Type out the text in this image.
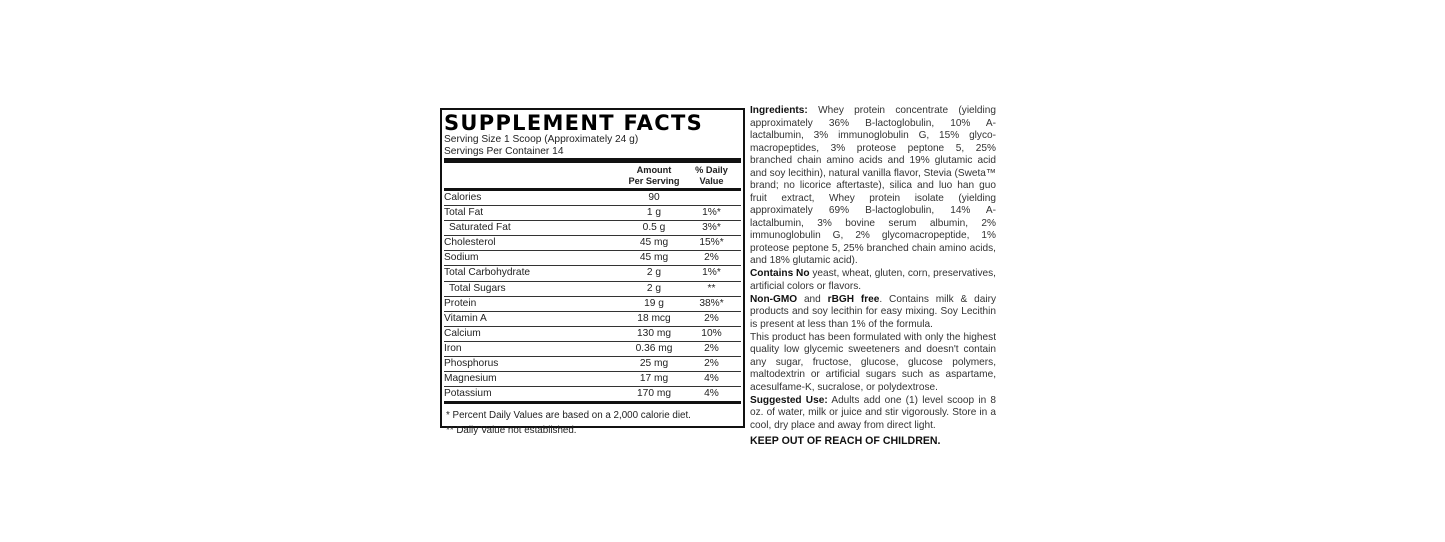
SUPPLEMENT FACTS
Serving Size 1 Scoop (Approximately 24 g)
Servings Per Container 14
Amount
Per Serving
% Daily
Value
Calories	90
Total Fat	1 g	1%*
Saturated Fat	0.5 g	3%*
Cholesterol	45 mg	15%*
Sodium	45 mg	2%
Total Carbohydrate	2 g	1%*
Total Sugars	2 g	**
Protein	19 g	38%*
Vitamin A	18 mcg	2%
Calcium	130 mg	10%
Iron	0.36 mg	2%
Phosphorus	25 mg	2%
Magnesium	17 mg	4%
Potassium	170 mg	4%
* Percent Daily Values are based on a 2,000 calorie diet.
** Daily Value not established.

Ingredients: Whey protein concentrate (yielding approximately 36% B-lactoglobulin, 10% A-lactalbumin, 3% immunoglobulin G, 15% glyco-macropeptides, 3% proteose peptone 5, 25% branched chain amino acids and 19% glutamic acid and soy lecithin), natural vanilla flavor, Stevia (Sweta™ brand; no licorice aftertaste), silica and luo han guo fruit extract, Whey protein isolate (yielding approximately 69% B-lactoglobulin, 14% A-lactalbumin, 3% bovine serum albumin, 2% immunoglobulin G, 2% glycomacropeptide, 1% proteose peptone 5, 25% branched chain amino acids, and 18% glutamic acid).

Contains No yeast, wheat, gluten, corn, preservatives, artificial colors or flavors.

Non-GMO and rBGH free. Contains milk & dairy products and soy lecithin for easy mixing. Soy Lecithin is present at less than 1% of the formula.

This product has been formulated with only the highest quality low glycemic sweeteners and doesn't contain any sugar, fructose, glucose, glucose polymers, maltodextrin or artificial sugars such as aspartame, acesulfame-K, sucralose, or polydextrose.

Suggested Use: Adults add one (1) level scoop in 8 oz. of water, milk or juice and stir vigorously. Store in a cool, dry place and away from direct light.

KEEP OUT OF REACH OF CHILDREN.
